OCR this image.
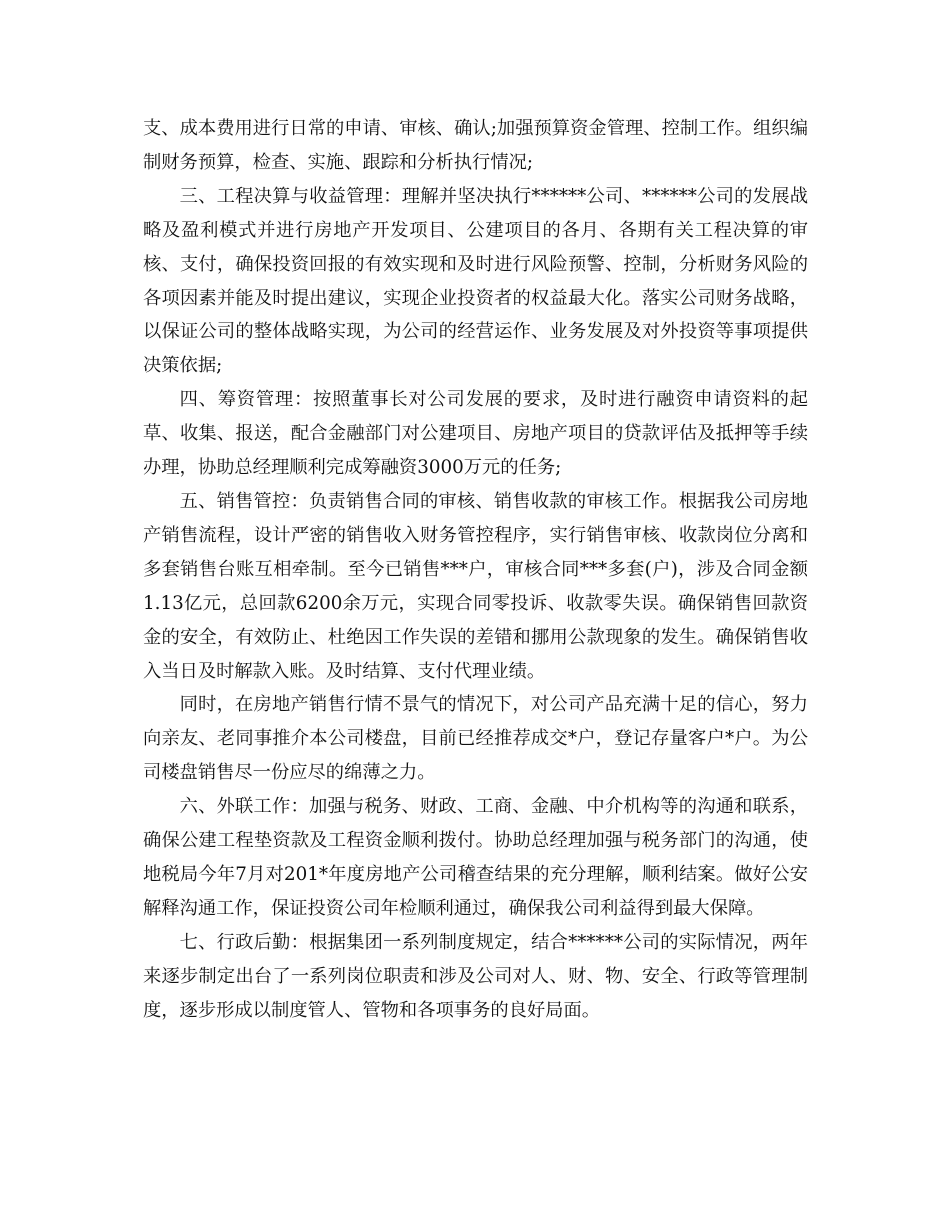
支、成本费用进行日常的申请、审核、确认;加强预算资金管理、控制工作。组织编制财务预算，检查、实施、跟踪和分析执行情况;

三、工程决算与收益管理：理解并坚决执行******公司、******公司的发展战略及盈利模式并进行房地产开发项目、公建项目的各月、各期有关工程决算的审核、支付，确保投资回报的有效实现和及时进行风险预警、控制，分析财务风险的各项因素并能及时提出建议，实现企业投资者的权益最大化。落实公司财务战略，以保证公司的整体战略实现，为公司的经营运作、业务发展及对外投资等事项提供决策依据;

四、筹资管理：按照董事长对公司发展的要求，及时进行融资申请资料的起草、收集、报送，配合金融部门对公建项目、房地产项目的贷款评估及抵押等手续办理，协助总经理顺利完成筹融资3000万元的任务;

五、销售管控：负责销售合同的审核、销售收款的审核工作。根据我公司房地产销售流程，设计严密的销售收入财务管控程序，实行销售审核、收款岗位分离和多套销售台账互相牵制。至今已销售***户，审核合同***多套(户)，涉及合同金额1.13亿元，总回款6200余万元，实现合同零投诉、收款零失误。确保销售回款资金的安全，有效防止、杜绝因工作失误的差错和挪用公款现象的发生。确保销售收入当日及时解款入账。及时结算、支付代理业绩。

同时，在房地产销售行情不景气的情况下，对公司产品充满十足的信心，努力向亲友、老同事推介本公司楼盘，目前已经推荐成交*户，登记存量客户*户。为公司楼盘销售尽一份应尽的绵薄之力。

六、外联工作：加强与税务、财政、工商、金融、中介机构等的沟通和联系，确保公建工程垫资款及工程资金顺利拨付。协助总经理加强与税务部门的沟通，使地税局今年7月对201*年度房地产公司稽查结果的充分理解，顺利结案。做好公安解释沟通工作，保证投资公司年检顺利通过，确保我公司利益得到最大保障。

七、行政后勤：根据集团一系列制度规定，结合******公司的实际情况，两年来逐步制定出台了一系列岗位职责和涉及公司对人、财、物、安全、行政等管理制度，逐步形成以制度管人、管物和各项事务的良好局面。
